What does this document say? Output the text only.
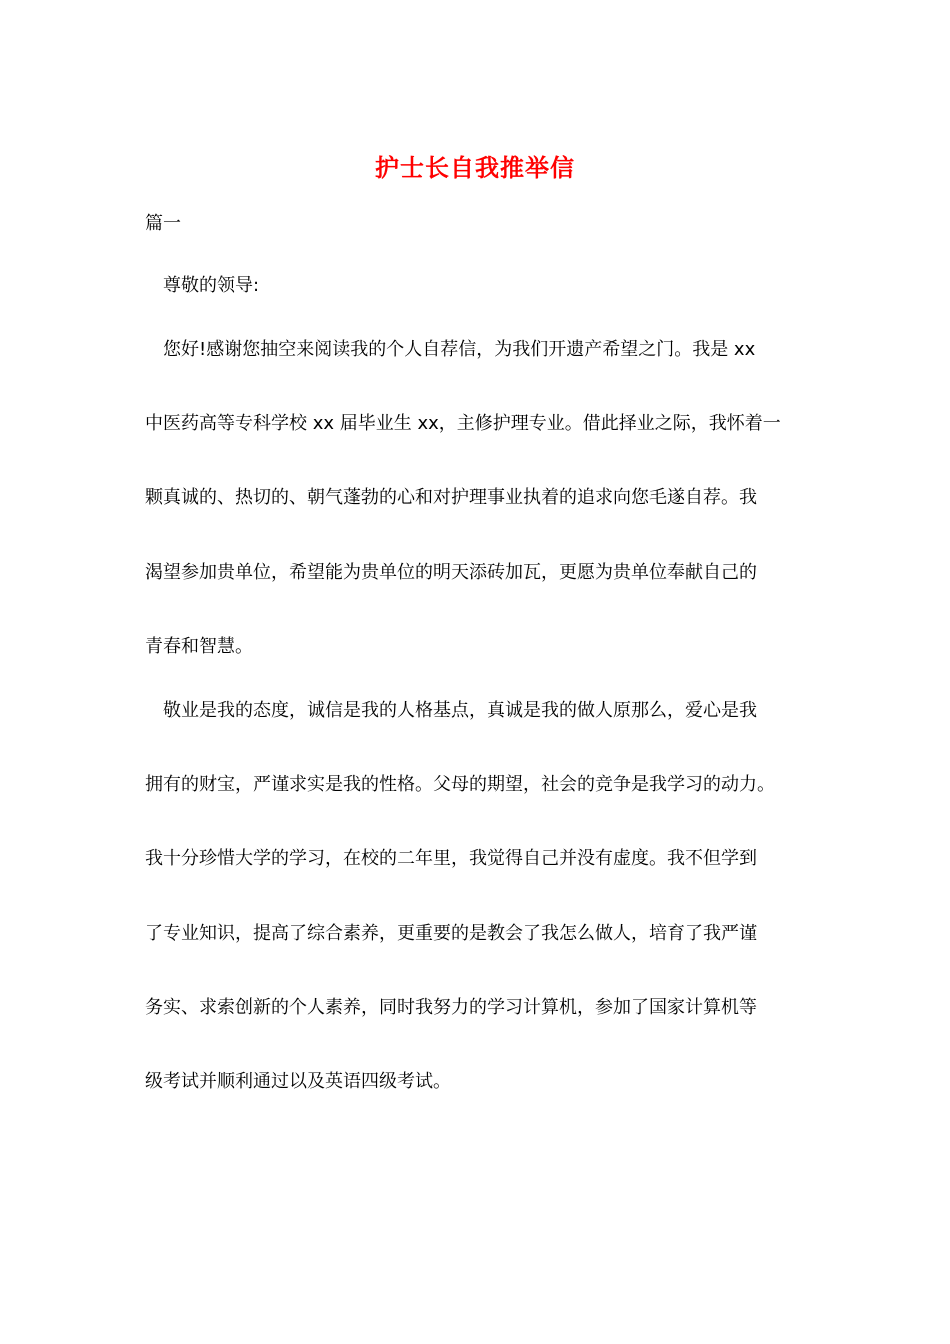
护士长自我推举信
篇一
尊敬的领导:
您好!感谢您抽空来阅读我的个人自荐信，为我们开遗产希望之门。我是 xx
中医药高等专科学校 xx 届毕业生 xx，主修护理专业。借此择业之际，我怀着一
颗真诚的、热切的、朝气蓬勃的心和对护理事业执着的追求向您毛遂自荐。我
渴望参加贵单位，希望能为贵单位的明天添砖加瓦，更愿为贵单位奉献自己的
青春和智慧。
敬业是我的态度，诚信是我的人格基点，真诚是我的做人原那么，爱心是我
拥有的财宝，严谨求实是我的性格。父母的期望，社会的竞争是我学习的动力。
我十分珍惜大学的学习，在校的二年里，我觉得自己并没有虚度。我不但学到
了专业知识，提高了综合素养，更重要的是教会了我怎么做人，培育了我严谨
务实、求索创新的个人素养，同时我努力的学习计算机，参加了国家计算机等
级考试并顺利通过以及英语四级考试。
